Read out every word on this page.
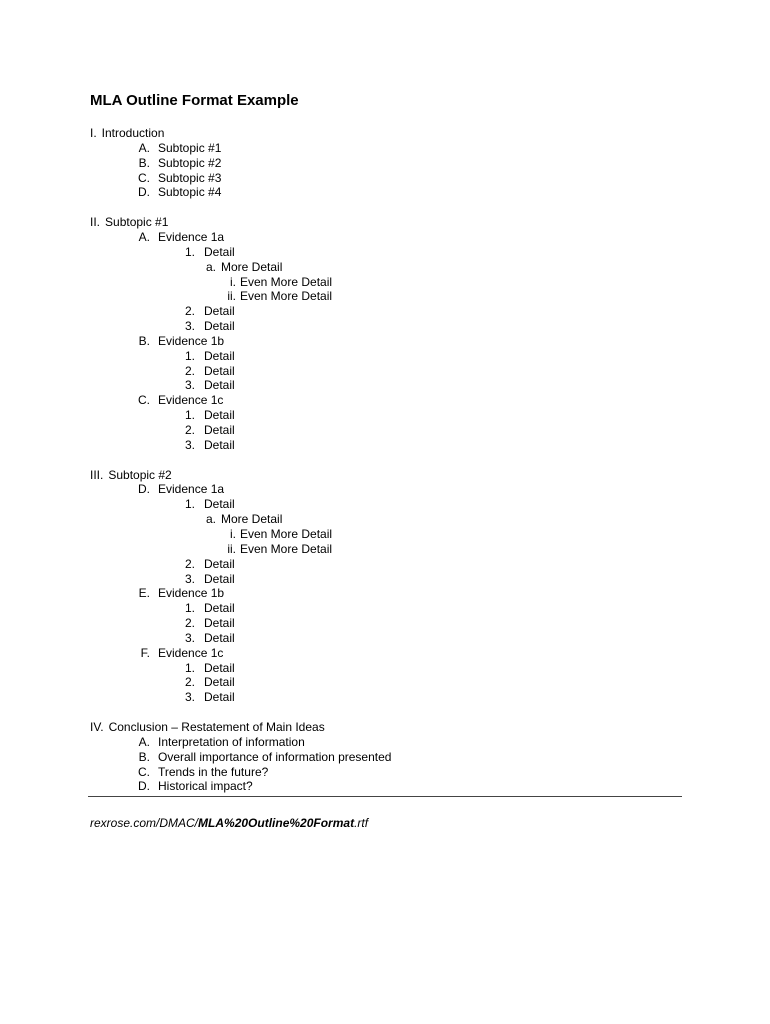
MLA Outline Format Example
I. Introduction
A. Subtopic #1
B. Subtopic #2
C. Subtopic #3
D. Subtopic #4
II. Subtopic #1
A. Evidence 1a
1. Detail
a. More Detail
i. Even More Detail
ii. Even More Detail
2. Detail
3. Detail
B. Evidence 1b
1. Detail
2. Detail
3. Detail
C. Evidence 1c
1. Detail
2. Detail
3. Detail
III. Subtopic #2
D. Evidence 1a
1. Detail
a. More Detail
i. Even More Detail
ii. Even More Detail
2. Detail
3. Detail
E. Evidence 1b
1. Detail
2. Detail
3. Detail
F. Evidence 1c
1. Detail
2. Detail
3. Detail
IV. Conclusion – Restatement of Main Ideas
A. Interpretation of information
B. Overall importance of information presented
C. Trends in the future?
D. Historical impact?
rexrose.com/DMAC/MLA%20Outline%20Format.rtf
